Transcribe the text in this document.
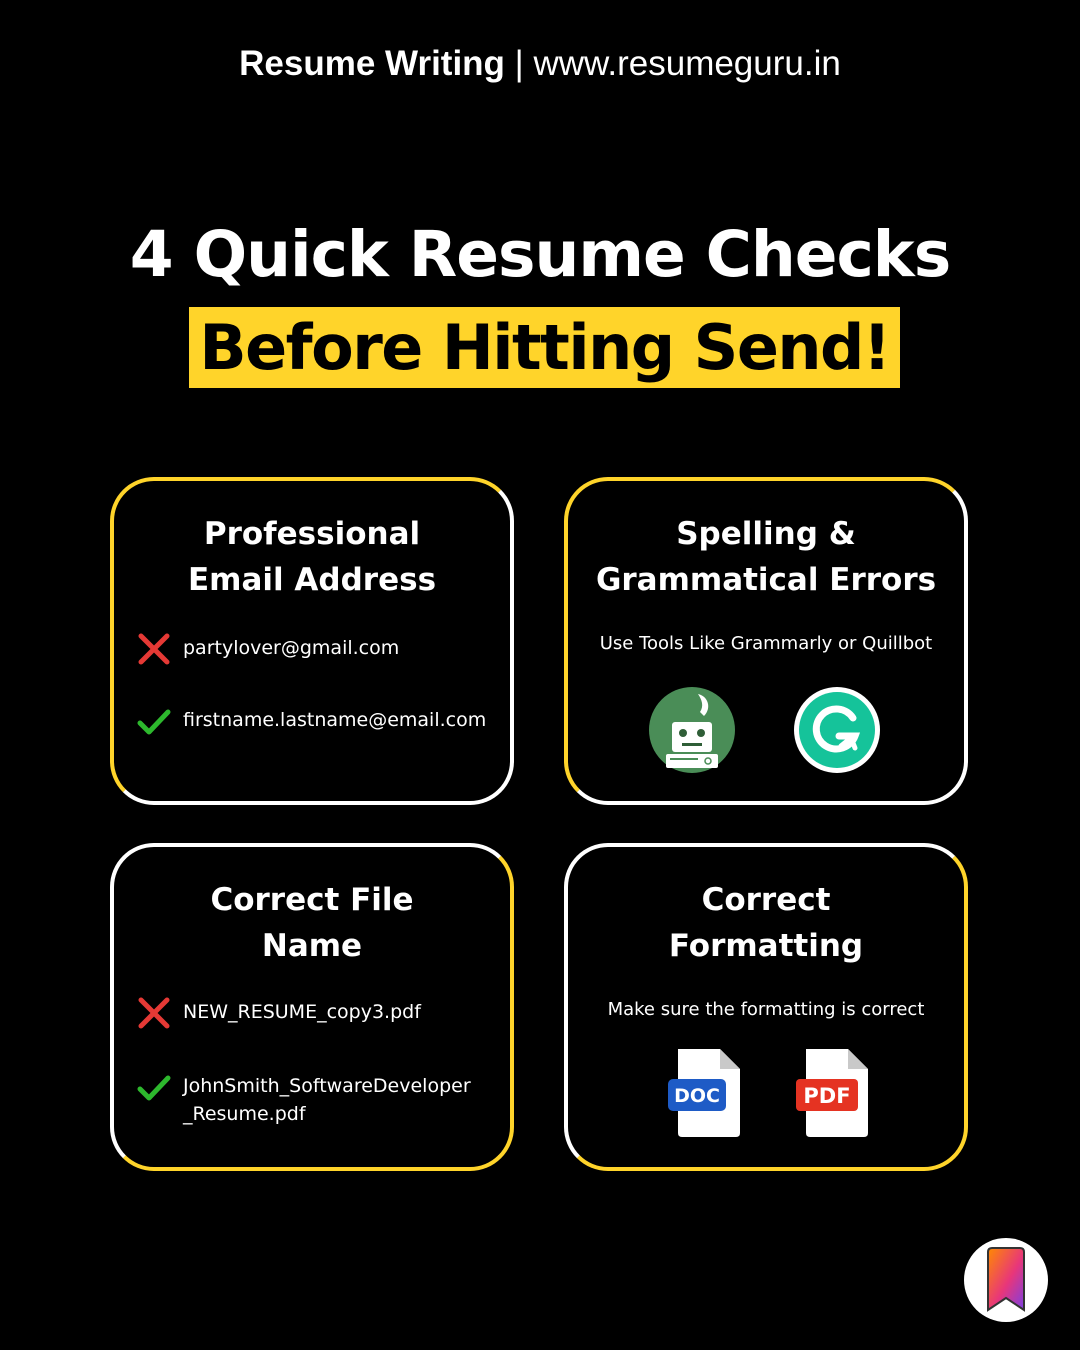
Resume Writing | www.resumeguru.in
4 Quick Resume Checks
Before Hitting Send!
Professional
Email Address
partylover@gmail.com
firstname.lastname@email.com
Spelling &
Grammatical Errors
Use Tools Like Grammarly or Quillbot
Correct File
Name
NEW_RESUME_copy3.pdf
JohnSmith_SoftwareDeveloper
_Resume.pdf
Correct
Formatting
Make sure the formatting is correct
DOC	PDF
